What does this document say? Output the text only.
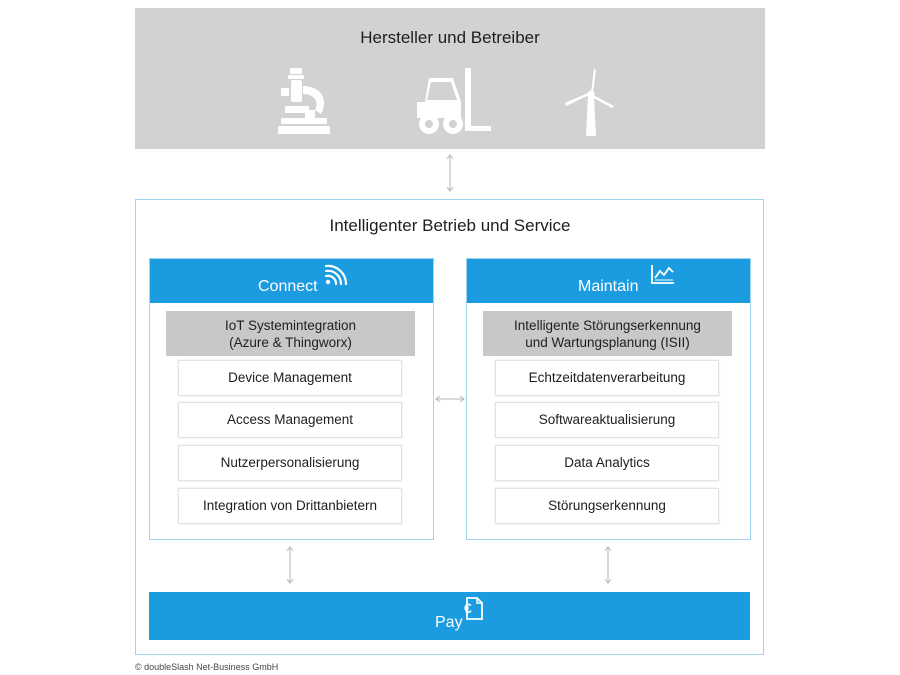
Hersteller und Betreiber
Intelligenter Betrieb und Service
Connect
IoT Systemintegration
(Azure & Thingworx)
Device Management
Access Management
Nutzerpersonalisierung
Integration von Drittanbietern
Maintain
Intelligente Störungserkennung
und Wartungsplanung (ISII)
Echtzeitdatenverarbeitung
Softwareaktualisierung
Data Analytics
Störungserkennung
Pay
€
© doubleSlash Net-Business GmbH
